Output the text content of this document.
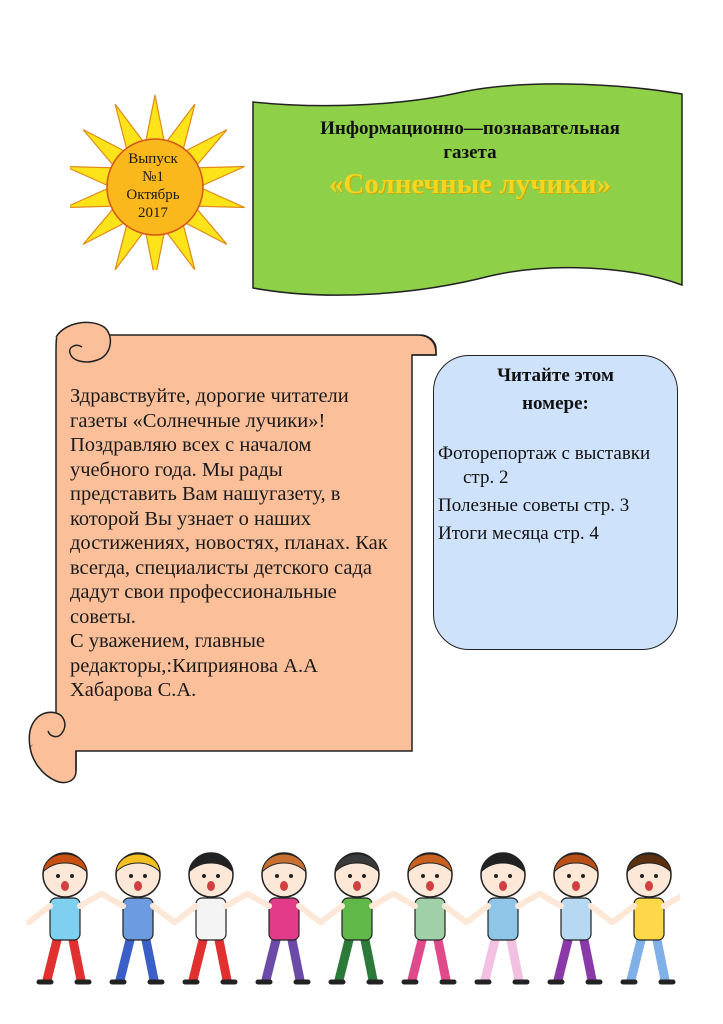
Выпуск
№1
Октябрь
2017
Информационно—познавательная
газета
«Солнечные лучики»

Здравствуйте, дорогие читатели газеты «Солнечные лучики»!

Поздравляю всех с началом учебного года. Мы рады представить Вам нашугазету, в которой Вы узнает о наших достижениях, новостях, планах. Как всегда, специалисты детского сада дадут свои профессиональные советы.

С уважением, главные редакторы,:Киприянова А.А

Хабарова С.А.

Читайте этом
номере:
Фоторепортаж с выставки стр. 2
Полезные советы стр. 3
Итоги месяца стр. 4
